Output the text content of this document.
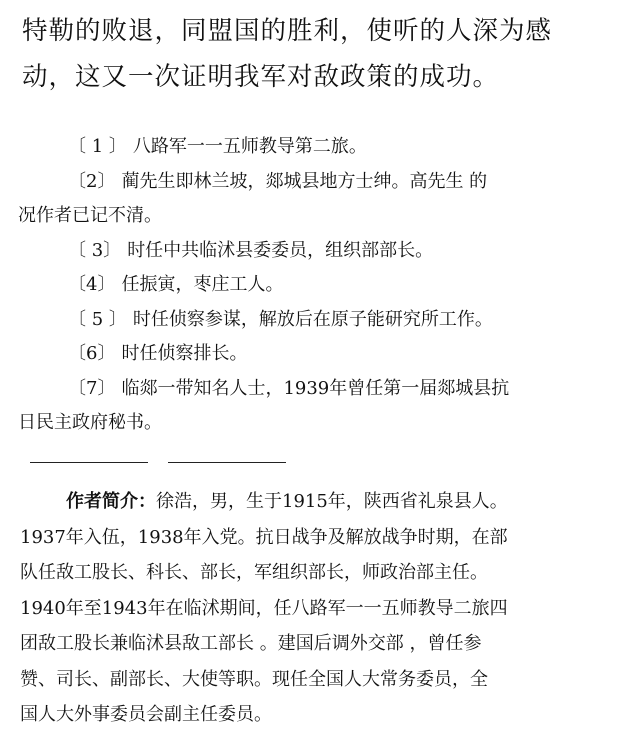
特勒的败退，同盟国的胜利，使听的人深为感
动，这又一次证明我军对敌政策的成功。
〔 1 〕 八路军一一五师教导第二旅。
〔2〕 蔺先生即林兰坡，郯城县地方士绅。高先生 的
况作者已记不清。
〔 3〕 时任中共临沭县委委员，组织部部长。
〔4〕 任振寅，枣庄工人。
〔 5 〕 时任侦察参谋，解放后在原子能研究所工作。
〔6〕 时任侦察排长。
〔7〕 临郯一带知名人士，1939年曾任第一届郯城县抗
日民主政府秘书。
作者简介：徐浩，男，生于1915年，陕西省礼泉县人。
1937年入伍，1938年入党。抗日战争及解放战争时期，在部
队任敌工股长、科长、部长，军组织部长，师政治部主任。
1940年至1943年在临沭期间，任八路军一一五师教导二旅四
团敌工股长兼临沭县敌工部长 。建国后调外交部 ，曾任参
赞、司长、副部长、大使等职。现任全国人大常务委员，全
国人大外事委员会副主任委员。
